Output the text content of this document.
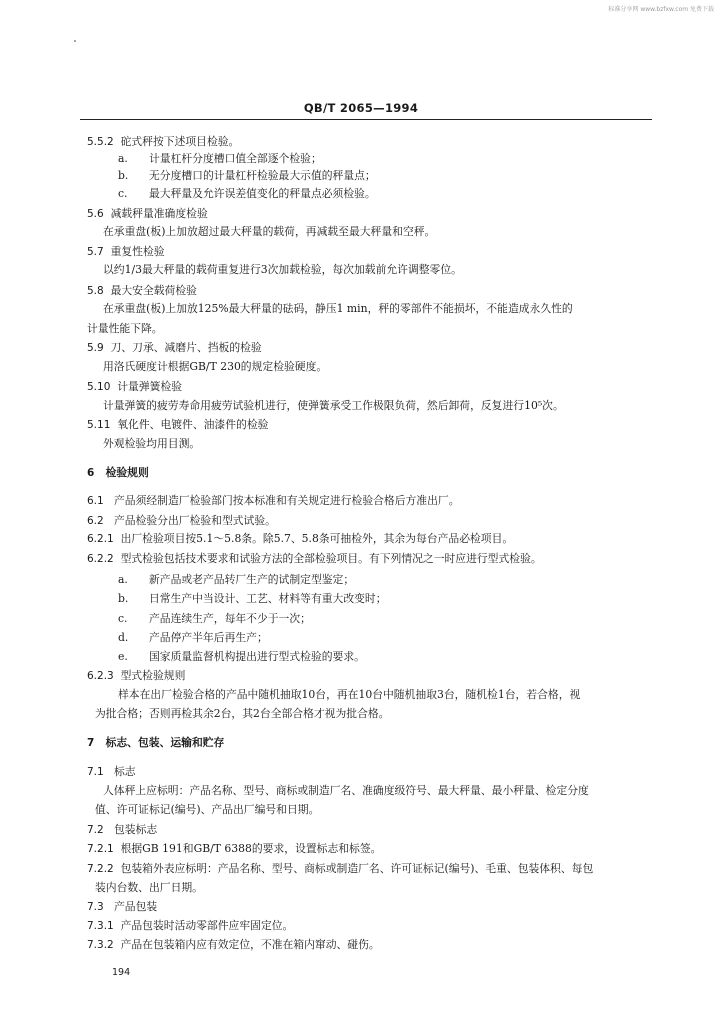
标准分享网 www.bzfxw.com 免费下载
QB/T 2065—1994
5.5.2 砣式秤按下述项目检验。
a. 计量杠杆分度槽口值全部逐个检验；
b. 无分度槽口的计量杠杆检验最大示值的秤量点；
c. 最大秤量及允许误差值变化的秤量点必须检验。
5.6 减载秤量准确度检验
在承重盘(板)上加放超过最大秤量的载荷，再减载至最大秤量和空秤。
5.7 重复性检验
以约1/3最大秤量的载荷重复进行3次加载检验，每次加载前允许调整零位。
5.8 最大安全载荷检验
在承重盘(板)上加放125%最大秤量的砝码，静压1 min，秤的零部件不能损坏，不能造成永久性的
计量性能下降。
5.9 刀、刀承、减磨片、挡板的检验
用洛氏硬度计根据GB/T 230的规定检验硬度。
5.10 计量弹簧检验
计量弹簧的疲劳寿命用疲劳试验机进行，使弹簧承受工作极限负荷，然后卸荷，反复进行10⁵次。
5.11 氧化件、电镀件、油漆件的检验
外观检验均用目测。
6 检验规则
6.1 产品须经制造厂检验部门按本标准和有关规定进行检验合格后方准出厂。
6.2 产品检验分出厂检验和型式试验。
6.2.1 出厂检验项目按5.1～5.8条。除5.7、5.8条可抽检外，其余为每台产品必检项目。
6.2.2 型式检验包括技术要求和试验方法的全部检验项目。有下列情况之一时应进行型式检验。
a. 新产品或老产品转厂生产的试制定型鉴定；
b. 日常生产中当设计、工艺、材料等有重大改变时；
c. 产品连续生产，每年不少于一次；
d. 产品停产半年后再生产；
e. 国家质量监督机构提出进行型式检验的要求。
6.2.3 型式检验规则
样本在出厂检验合格的产品中随机抽取10台，再在10台中随机抽取3台，随机检1台，若合格，视
为批合格；否则再检其余2台，其2台全部合格才视为批合格。
7 标志、包装、运输和贮存
7.1 标志
人体秤上应标明：产品名称、型号、商标或制造厂名、准确度级符号、最大秤量、最小秤量、检定分度
值、许可证标记(编号)、产品出厂编号和日期。
7.2 包装标志
7.2.1 根据GB 191和GB/T 6388的要求，设置标志和标签。
7.2.2 包装箱外表应标明：产品名称、型号、商标或制造厂名、许可证标记(编号)、毛重、包装体积、每包
装内台数、出厂日期。
7.3 产品包装
7.3.1 产品包装时活动零部件应牢固定位。
7.3.2 产品在包装箱内应有效定位，不准在箱内窜动、碰伤。
194
